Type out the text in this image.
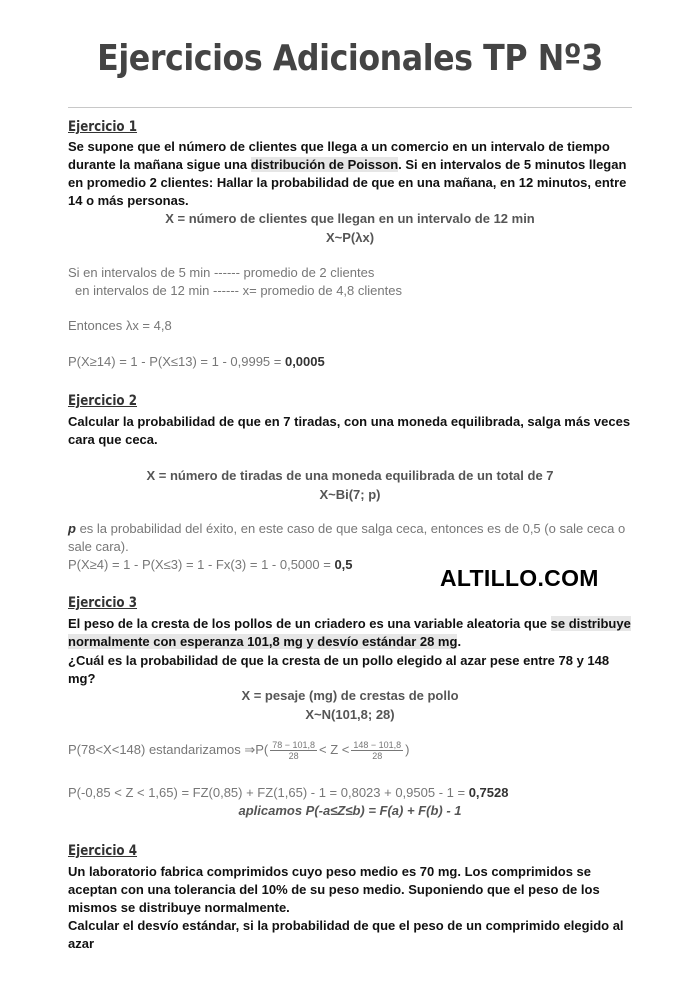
Ejercicios Adicionales TP Nº3
Ejercicio 1
Se supone que el número de clientes que llega a un comercio en un intervalo de tiempo durante la mañana sigue una distribución de Poisson. Si en intervalos de 5 minutos llegan en promedio 2 clientes: Hallar la probabilidad de que en una mañana, en 12 minutos, entre 14 o más personas.
X = número de clientes que llegan en un intervalo de 12 min
X~P(λx)
Si en intervalos de 5 min ------ promedio de 2 clientes
en intervalos de 12 min ------ x= promedio de 4,8 clientes
Entonces λx = 4,8
P(X≥14) = 1 - P(X≤13) = 1 - 0,9995 = 0,0005
Ejercicio 2
Calcular la probabilidad de que en 7 tiradas, con una moneda equilibrada, salga más veces cara que ceca.
X = número de tiradas de una moneda equilibrada de un total de 7
X~Bi(7; p)
p es la probabilidad del éxito, en este caso de que salga ceca, entonces es de 0,5 (o sale ceca o sale cara).
P(X≥4) = 1 - P(X≤3) = 1 - Fx(3) = 1 - 0,5000 = 0,5
ALTILLO.COM
Ejercicio 3
El peso de la cresta de los pollos de un criadero es una variable aleatoria que se distribuye normalmente con esperanza 101,8 mg y desvío estándar 28 mg.
¿Cuál es la probabilidad de que la cresta de un pollo elegido al azar pese entre 78 y 148 mg?
X = pesaje (mg) de crestas de pollo
X~N(101,8; 28)
P(78<X<148) estandarizamos ⇒P( $\frac{78 - 101,8}{28} < Z < \frac{148 - 101,8}{28}$ )
P(-0,85 < Z < 1,65) = FZ(0,85) + FZ(1,65) - 1 = 0,8023 + 0,9505 - 1 = 0,7528
aplicamos P(-a≤Z≤b) = F(a) + F(b) - 1
Ejercicio 4
Un laboratorio fabrica comprimidos cuyo peso medio es 70 mg. Los comprimidos se aceptan con una tolerancia del 10% de su peso medio. Suponiendo que el peso de los mismos se distribuye normalmente.
Calcular el desvío estándar, si la probabilidad de que el peso de un comprimido elegido al azar
